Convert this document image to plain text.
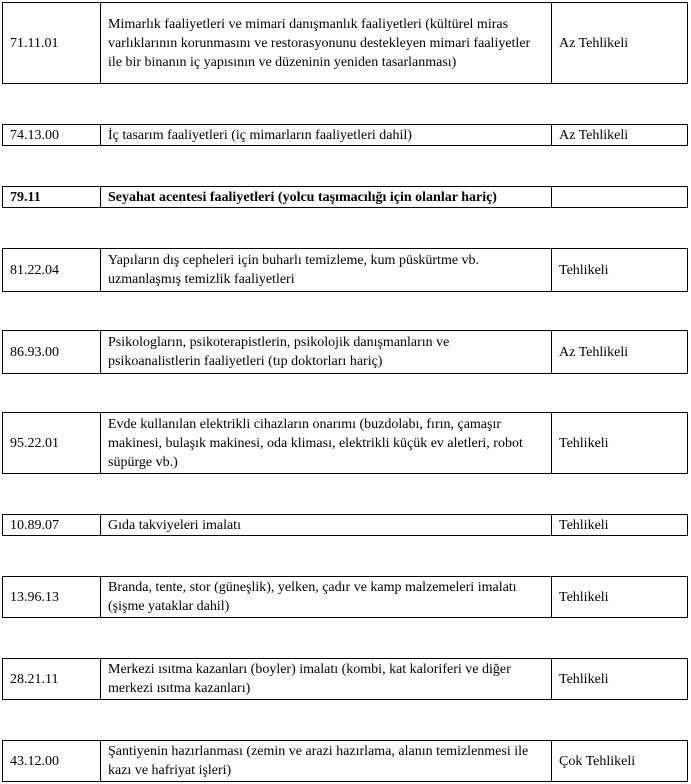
71.11.01	Mimarlık faaliyetleri ve mimari danışmanlık faaliyetleri (kültürel miras varlıklarının korunmasını ve restorasyonunu destekleyen mimari faaliyetler ile bir binanın iç yapısının ve düzeninin yeniden tasarlanması)	Az Tehlikeli
74.13.00	İç tasarım faaliyetleri (iç mimarların faaliyetleri dahil)	Az Tehlikeli
79.11	Seyahat acentesi faaliyetleri (yolcu taşımacılığı için olanlar hariç)	
81.22.04	Yapıların dış cepheleri için buharlı temizleme, kum püskürtme vb. uzmanlaşmış temizlik faaliyetleri	Tehlikeli
86.93.00	Psikologların, psikoterapistlerin, psikolojik danışmanların ve psikoanalistlerin faaliyetleri (tıp doktorları hariç)	Az Tehlikeli
95.22.01	Evde kullanılan elektrikli cihazların onarımı (buzdolabı, fırın, çamaşır makinesi, bulaşık makinesi, oda kliması, elektrikli küçük ev aletleri, robot süpürge vb.)	Tehlikeli
10.89.07	Gıda takviyeleri imalatı	Tehlikeli
13.96.13	Branda, tente, stor (güneşlik), yelken, çadır ve kamp malzemeleri imalatı (şişme yataklar dahil)	Tehlikeli
28.21.11	Merkezi ısıtma kazanları (boyler) imalatı (kombi, kat kaloriferi ve diğer merkezi ısıtma kazanları)	Tehlikeli
43.12.00	Şantiyenin hazırlanması (zemin ve arazi hazırlama, alanın temizlenmesi ile kazı ve hafriyat işleri)	Çok Tehlikeli
